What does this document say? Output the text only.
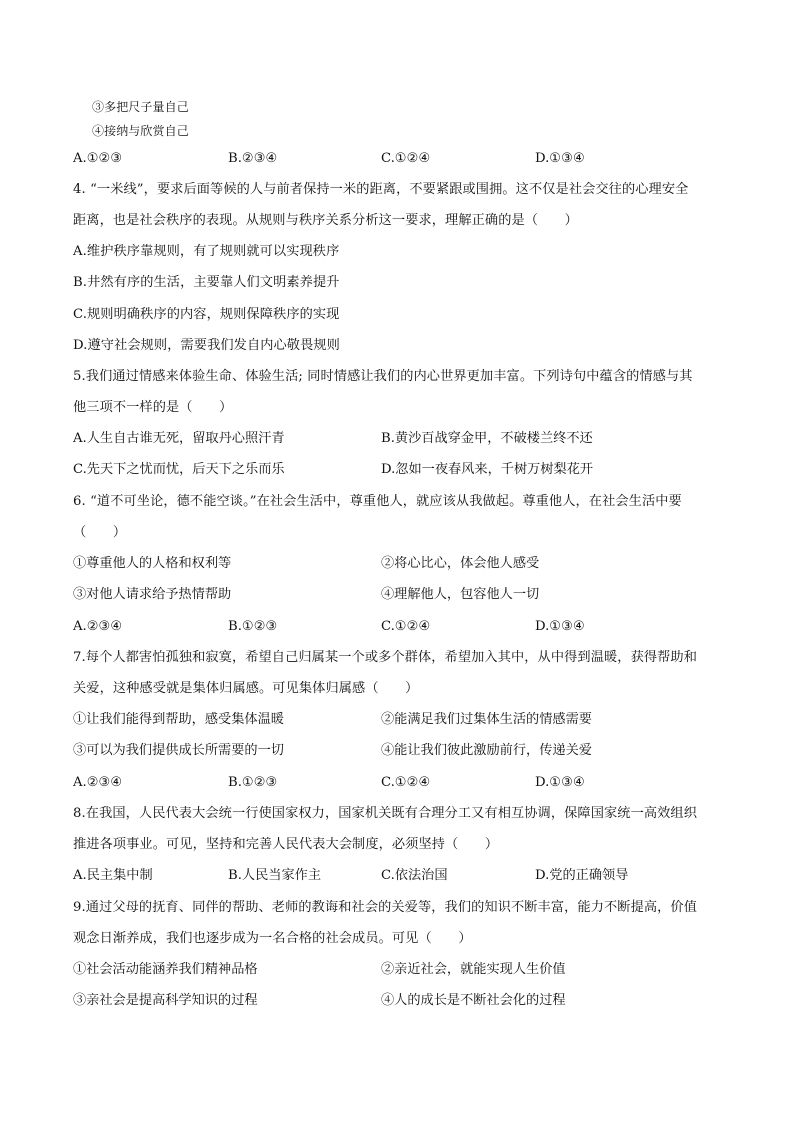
③多把尺子量自己
④接纳与欣赏自己
A.①②③	B.②③④	C.①②④	D.①③④
4. “一米线”，要求后面等候的人与前者保持一米的距离，不要紧跟或围拥。这不仅是社会交往的心理安全
距离，也是社会秩序的表现。从规则与秩序关系分析这一要求，理解正确的是（　　）
A.维护秩序靠规则，有了规则就可以实现秩序
B.井然有序的生活，主要靠人们文明素养提升
C.规则明确秩序的内容，规则保障秩序的实现
D.遵守社会规则，需要我们发自内心敬畏规则
5.我们通过情感来体验生命、体验生活; 同时情感让我们的内心世界更加丰富。下列诗句中蕴含的情感与其
他三项不一样的是（　　）
A.人生自古谁无死，留取丹心照汗青	B.黄沙百战穿金甲，不破楼兰终不还
C.先天下之忧而忧，后天下之乐而乐	D.忽如一夜春风来，千树万树梨花开
6. “道不可坐论，德不能空谈。”在社会生活中，尊重他人，就应该从我做起。尊重他人，在社会生活中要
（　　）
①尊重他人的人格和权利等	②将心比心，体会他人感受
③对他人请求给予热情帮助	④理解他人，包容他人一切
A.②③④	B.①②③	C.①②④	D.①③④
7.每个人都害怕孤独和寂寞，希望自己归属某一个或多个群体，希望加入其中，从中得到温暖，获得帮助和
关爱，这种感受就是集体归属感。可见集体归属感（　　）
①让我们能得到帮助，感受集体温暖	②能满足我们过集体生活的情感需要
③可以为我们提供成长所需要的一切	④能让我们彼此激励前行，传递关爱
A.②③④	B.①②③	C.①②④	D.①③④
8.在我国，人民代表大会统一行使国家权力，国家机关既有合理分工又有相互协调，保障国家统一高效组织
推进各项事业。可见，坚持和完善人民代表大会制度，必须坚持（　　）
A.民主集中制	B.人民当家作主	C.依法治国	D.党的正确领导
9.通过父母的抚育、同伴的帮助、老师的教诲和社会的关爱等，我们的知识不断丰富，能力不断提高，价值
观念日渐养成，我们也逐步成为一名合格的社会成员。可见（　　）
①社会活动能涵养我们精神品格	②亲近社会，就能实现人生价值
③亲社会是提高科学知识的过程	④人的成长是不断社会化的过程
